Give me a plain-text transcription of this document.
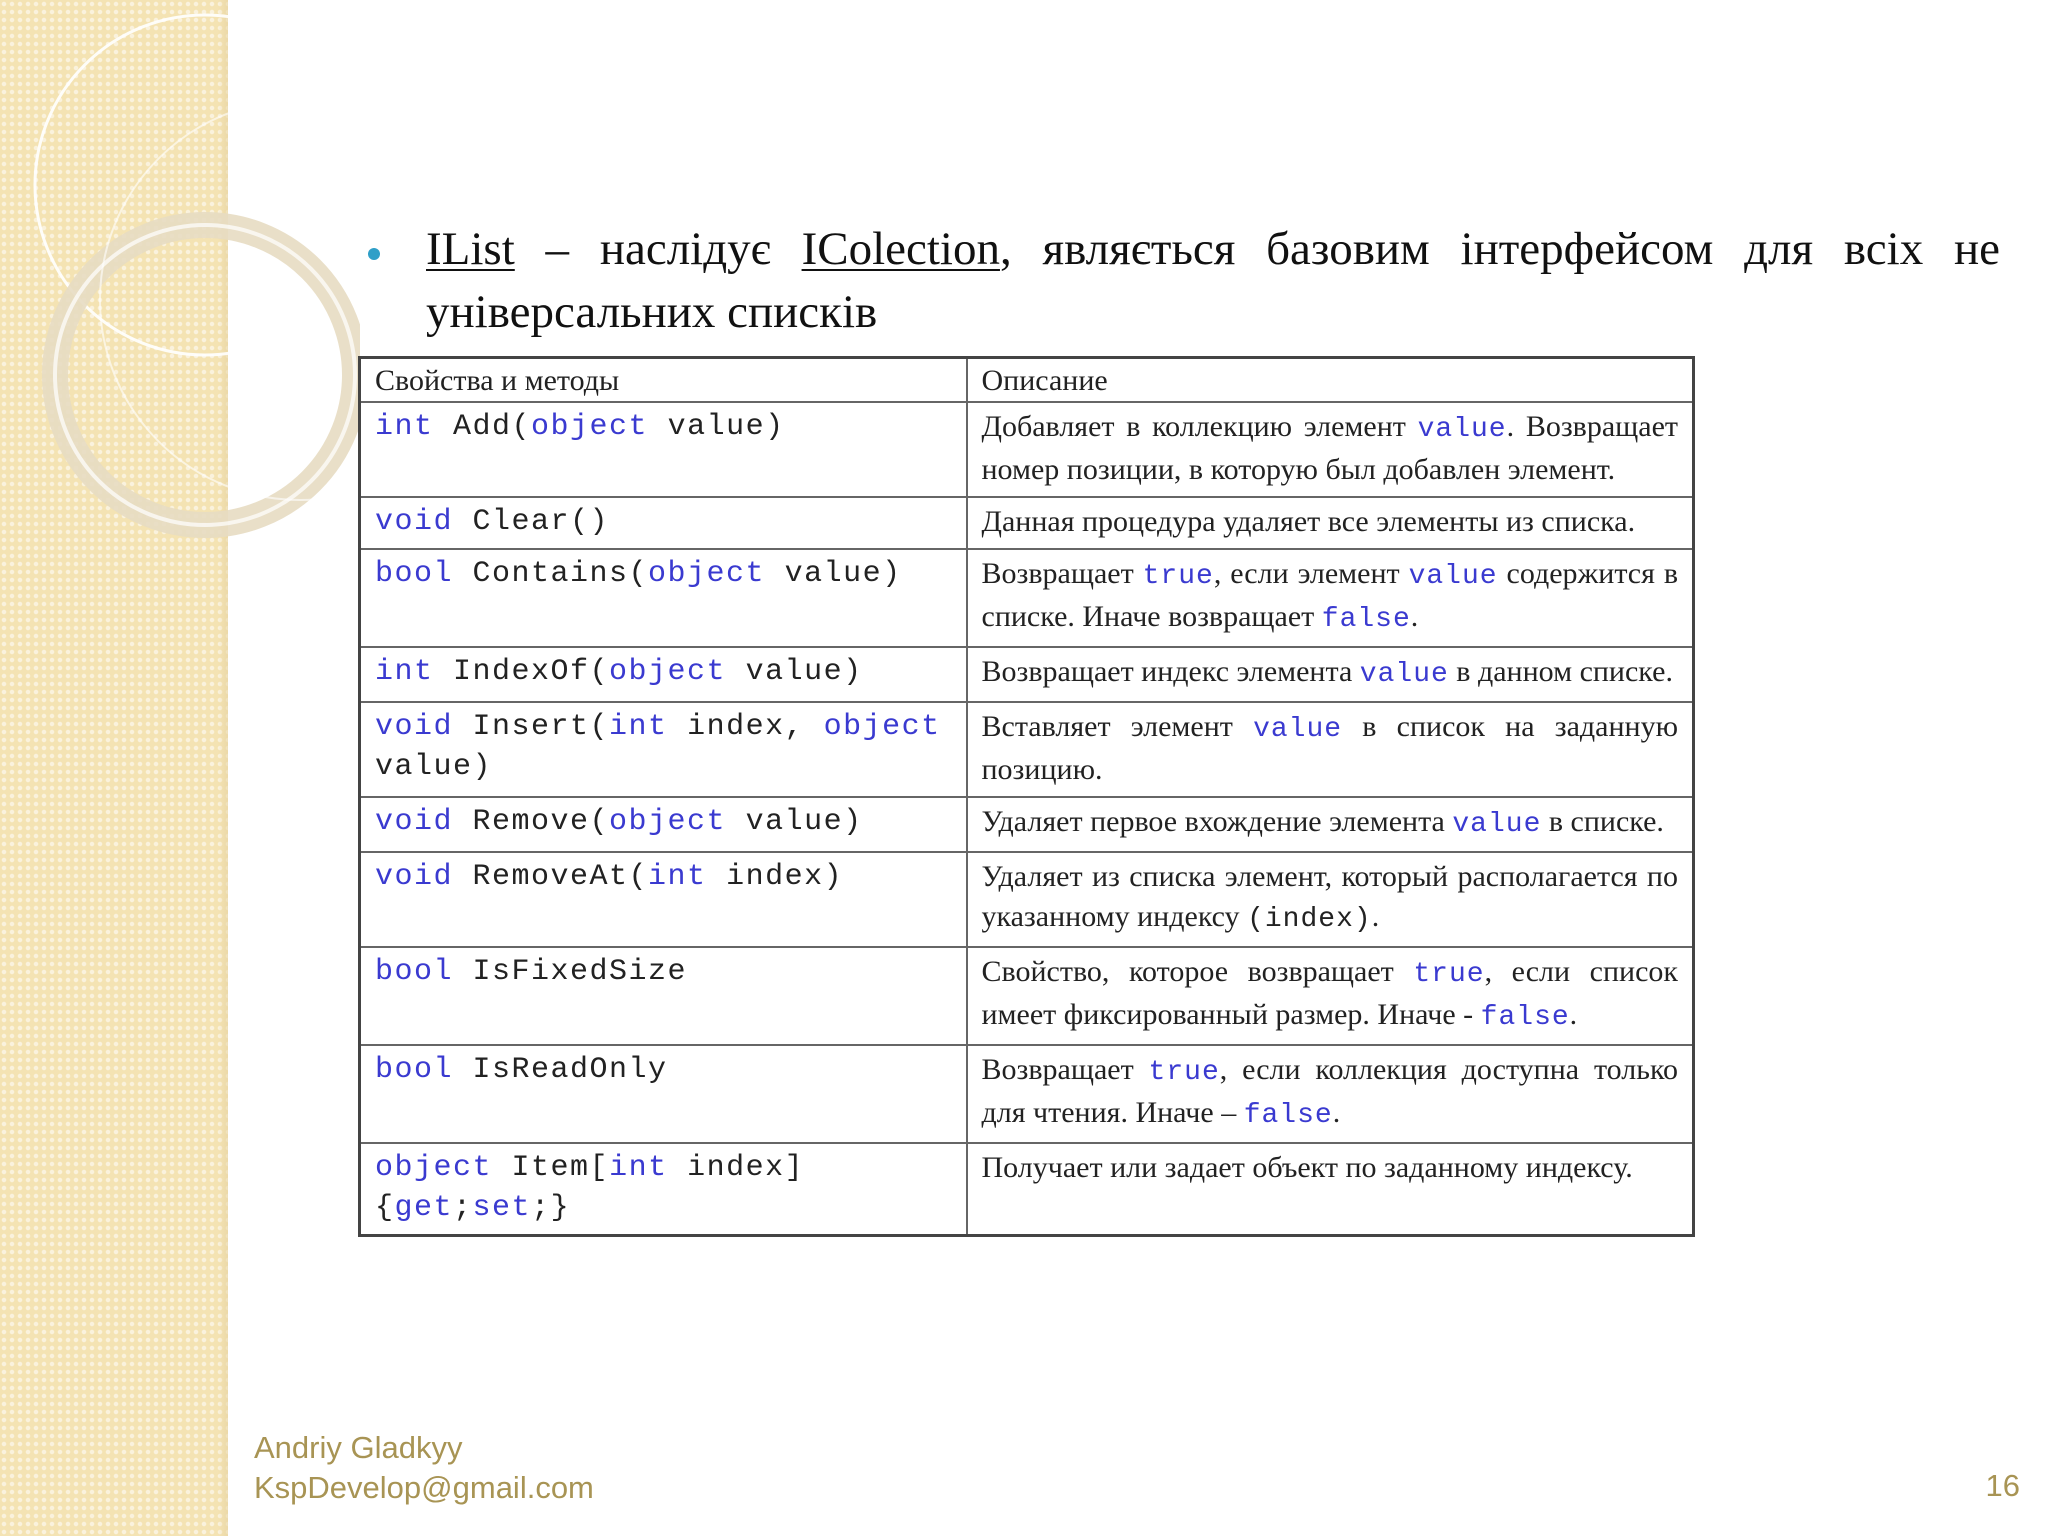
IList – наслідує IColection, являється базовим інтерфейсом для всіх не універсальних списків
Свойства и методы	Описание
int Add(object value)	Добавляет в коллекцию элемент value. Возвращает номер позиции, в которую был добавлен элемент.
void Clear()	Данная процедура удаляет все элементы из списка.
bool Contains(object value)	Возвращает true, если элемент value содержится в списке. Иначе возвращает false.
int IndexOf(object value)	Возвращает индекс элемента value в данном списке.
void Insert(int index, object value)	Вставляет элемент value в список на заданную позицию.
void Remove(object value)	Удаляет первое вхождение элемента value в списке.
void RemoveAt(int index)	Удаляет из списка элемент, который располагается по указанному индексу (index).
bool IsFixedSize	Свойство, которое возвращает true, если список имеет фиксированный размер. Иначе - false.
bool IsReadOnly	Возвращает true, если коллекция доступна только для чтения. Иначе – false.
object Item[int index]{get;set;}	Получает или задает объект по заданному индексу.
Andriy Gladkyy
KspDevelop@gmail.com	16
